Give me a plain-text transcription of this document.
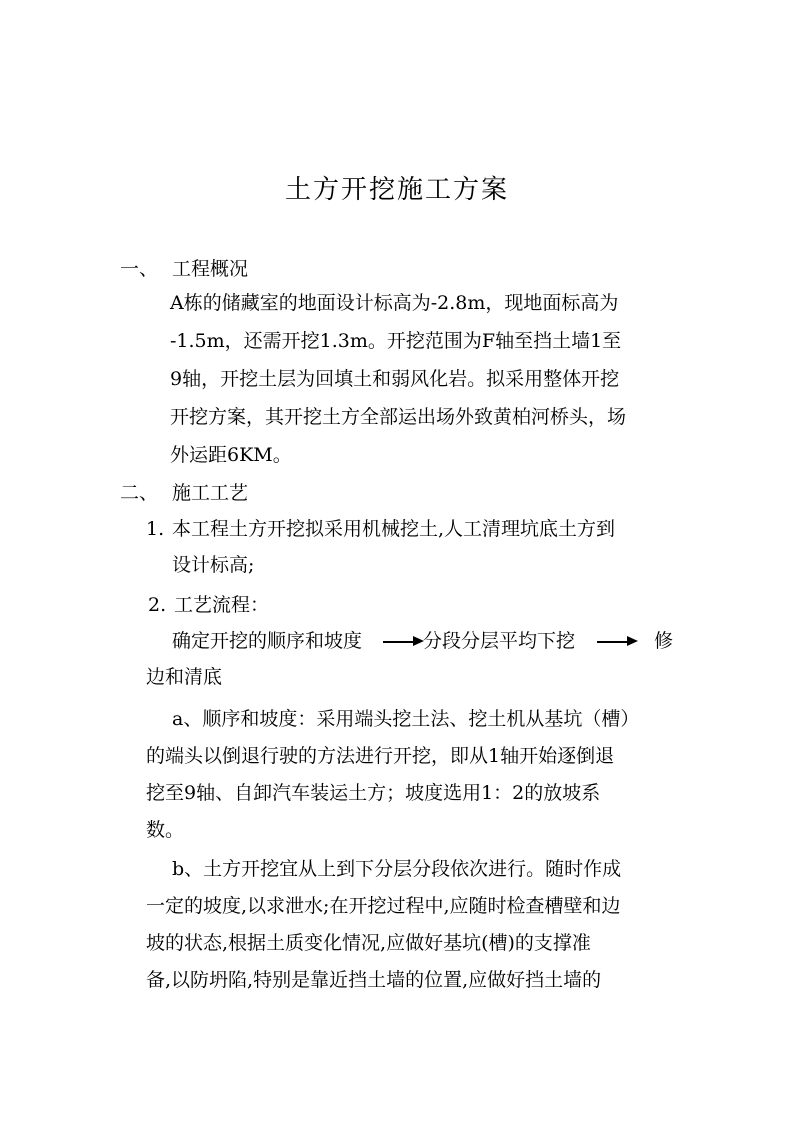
土方开挖施工方案
一、 工程概况
A栋的储藏室的地面设计标高为-2.8m，现地面标高为
-1.5m，还需开挖1.3m。开挖范围为F轴至挡土墙1至
9轴，开挖土层为回填土和弱风化岩。拟采用整体开挖
开挖方案，其开挖土方全部运出场外致黄柏河桥头，场
外运距6KM。
二、 施工工艺
1. 本工程土方开挖拟采用机械挖土,人工清理坑底土方到
设计标高;
2. 工艺流程：
确定开挖的顺序和坡度	分段分层平均下挖	修
边和清底
a、顺序和坡度：采用端头挖土法、挖土机从基坑（槽）
的端头以倒退行驶的方法进行开挖，即从1轴开始逐倒退
挖至9轴、自卸汽车装运土方；坡度选用1：2的放坡系
数。
b、土方开挖宜从上到下分层分段依次进行。随时作成
一定的坡度,以求泄水;在开挖过程中,应随时检查槽壁和边
坡的状态,根据土质变化情况,应做好基坑(槽)的支撑准
备,以防坍陷,特别是靠近挡土墙的位置,应做好挡土墙的
